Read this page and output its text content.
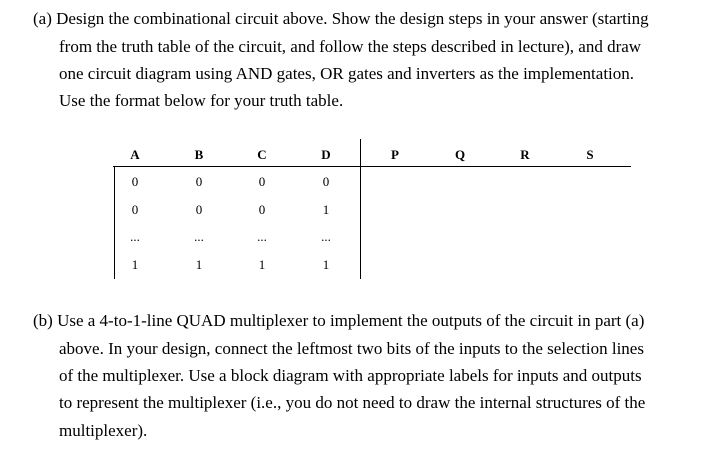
(a) Design the combinational circuit above. Show the design steps in your answer (starting

from the truth table of the circuit, and follow the steps described in lecture), and draw

one circuit diagram using AND gates, OR gates and inverters as the implementation.

Use the format below for your truth table.

A	B	C	D	P	Q	R	S
0	0	0	0
0	0	0	1
...	...	...	...
1	1	1	1

(b) Use a 4-to-1-line QUAD multiplexer to implement the outputs of the circuit in part (a)

above. In your design, connect the leftmost two bits of the inputs to the selection lines

of the multiplexer. Use a block diagram with appropriate labels for inputs and outputs

to represent the multiplexer (i.e., you do not need to draw the internal structures of the

multiplexer).
